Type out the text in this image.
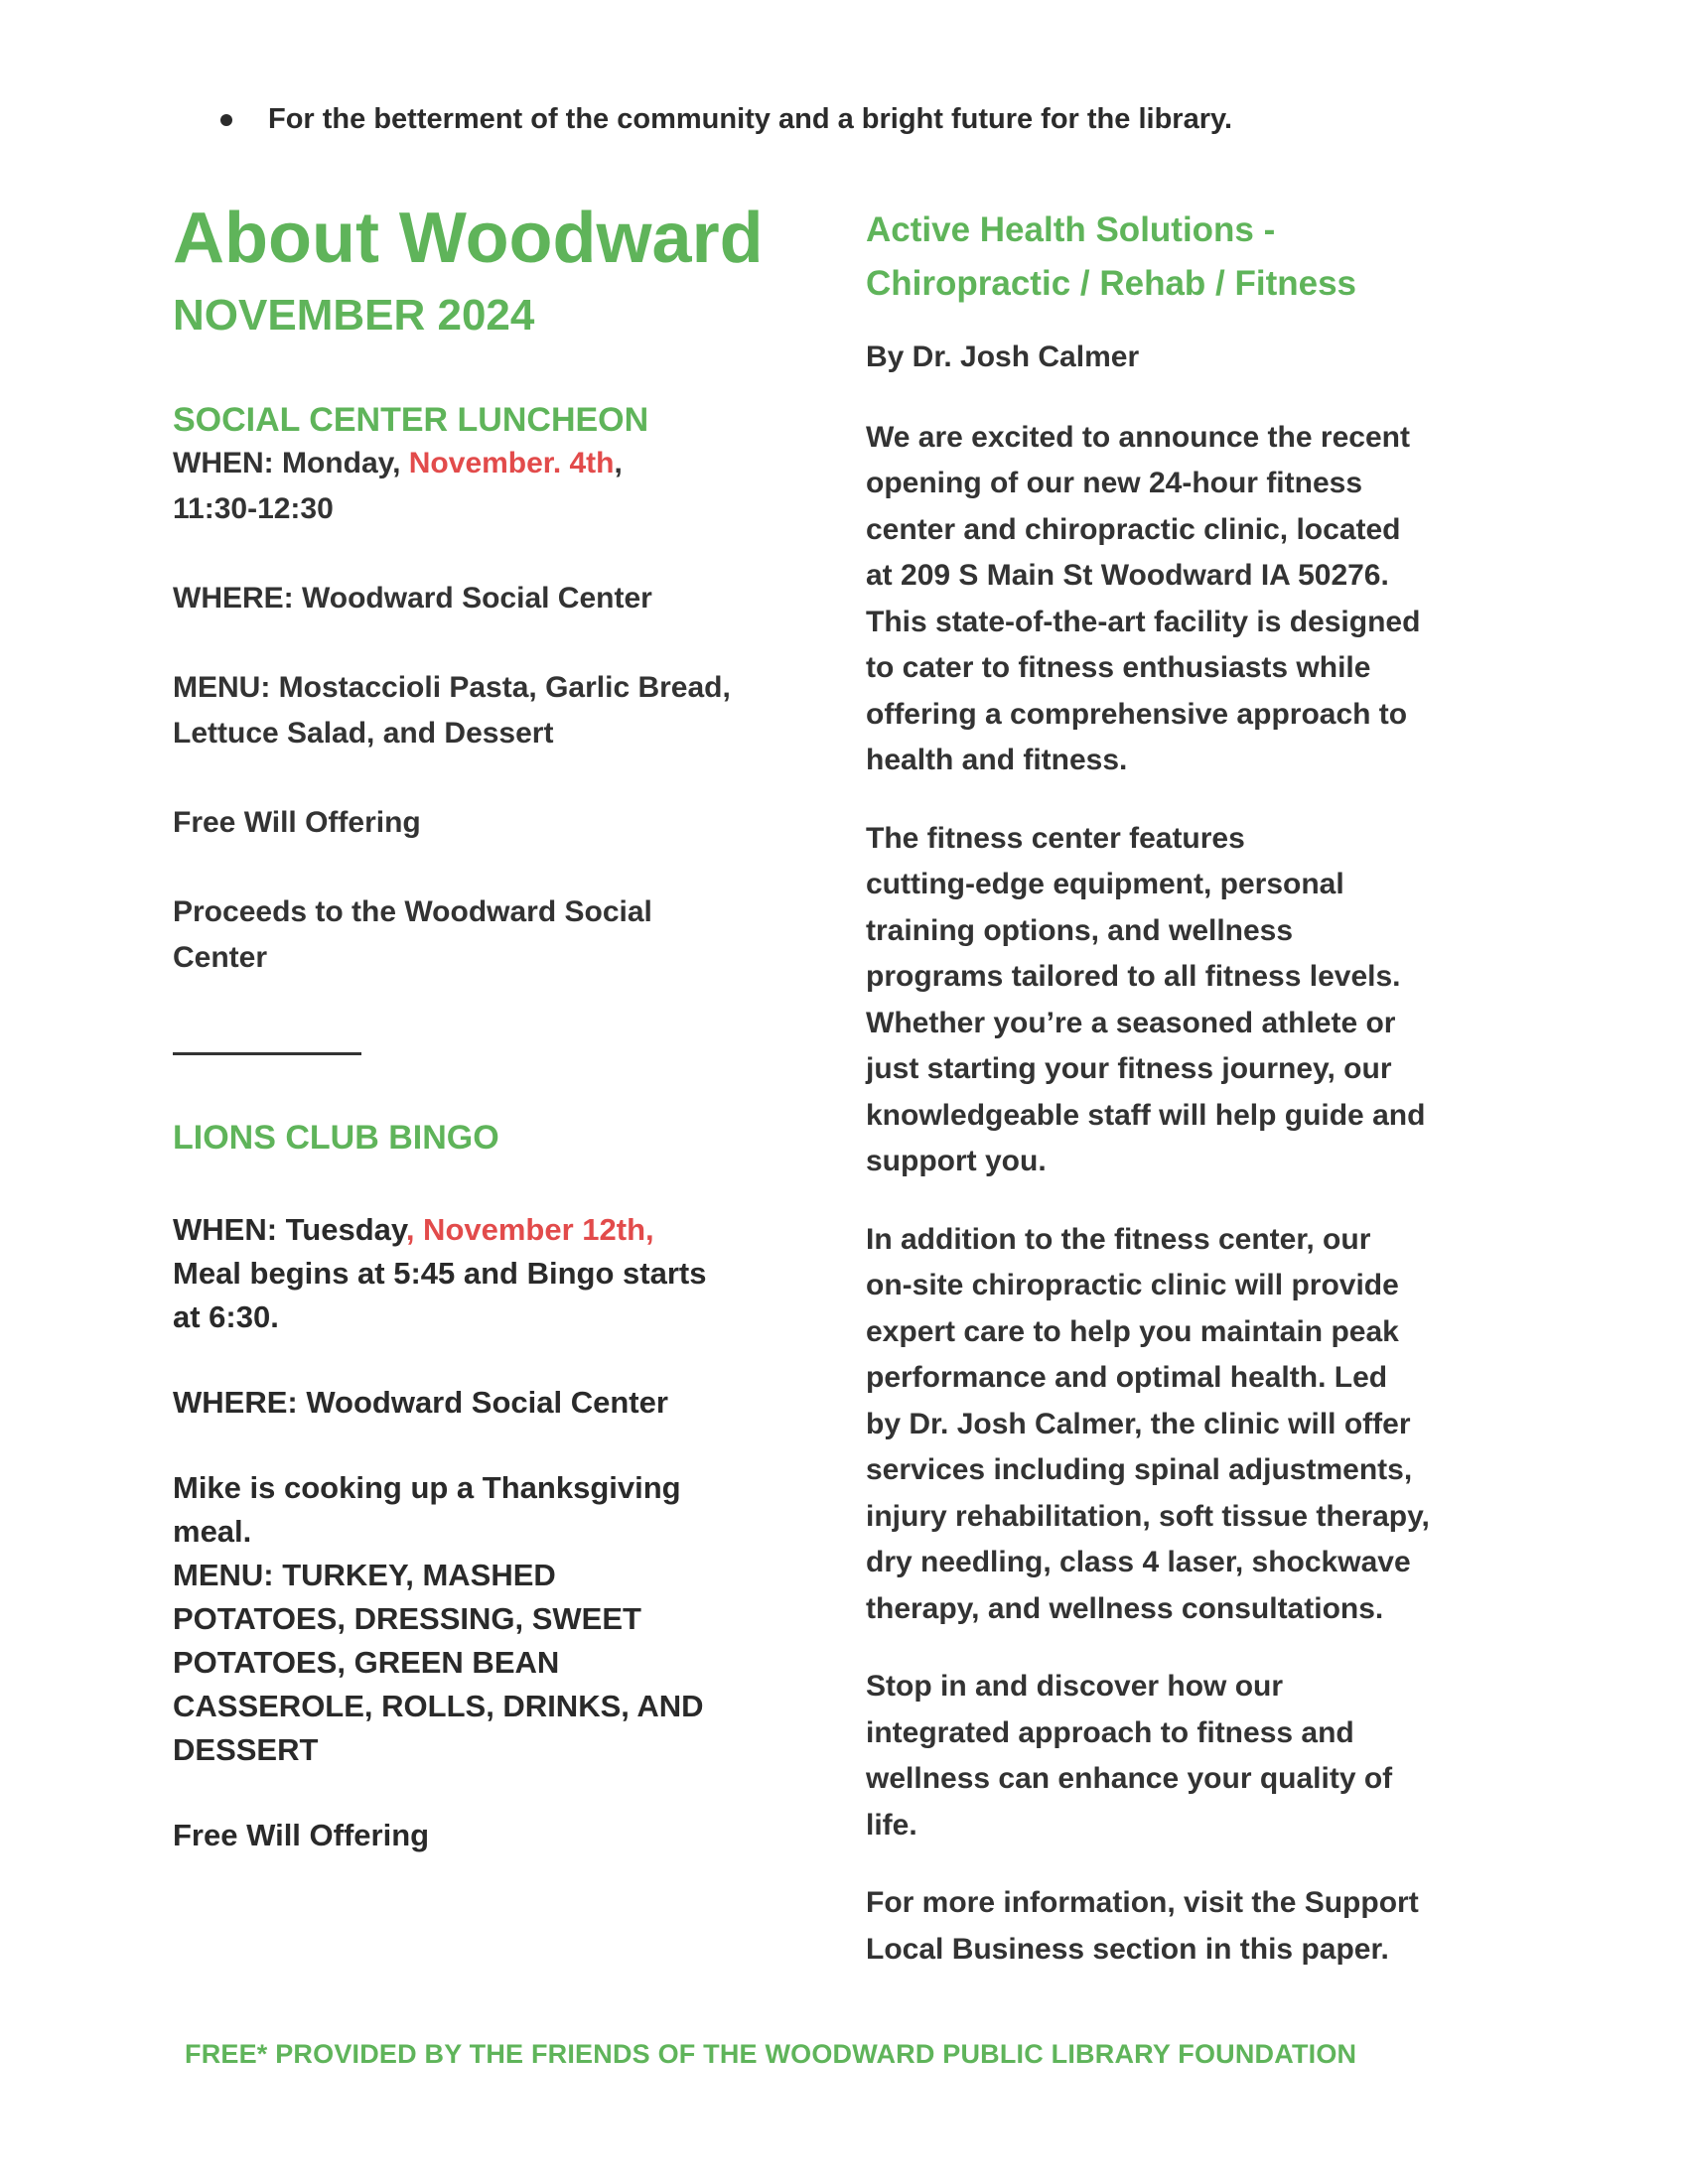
For the betterment of the community and a bright future for the library.
About Woodward
NOVEMBER 2024
SOCIAL CENTER LUNCHEON

WHEN: Monday, November. 4th,

11:30-12:30

WHERE: Woodward Social Center

MENU: Mostaccioli Pasta, Garlic Bread,

Lettuce Salad, and Dessert

Free Will Offering

Proceeds to the Woodward Social

Center

LIONS CLUB BINGO

WHEN: Tuesday, November 12th,

Meal begins at 5:45 and Bingo starts

at 6:30.

WHERE: Woodward Social Center

Mike is cooking up a Thanksgiving

meal.

MENU: TURKEY, MASHED

POTATOES, DRESSING, SWEET

POTATOES, GREEN BEAN

CASSEROLE, ROLLS, DRINKS, AND

DESSERT

Free Will Offering

Active Health Solutions -
Chiropractic / Rehab / Fitness

By Dr. Josh Calmer

We are excited to announce the recent

opening of our new 24-hour fitness

center and chiropractic clinic, located

at 209 S Main St Woodward IA 50276.

This state-of-the-art facility is designed

to cater to fitness enthusiasts while

offering a comprehensive approach to

health and fitness.

The fitness center features

cutting-edge equipment, personal

training options, and wellness

programs tailored to all fitness levels.

Whether you’re a seasoned athlete or

just starting your fitness journey, our

knowledgeable staff will help guide and

support you.

In addition to the fitness center, our

on-site chiropractic clinic will provide

expert care to help you maintain peak

performance and optimal health. Led

by Dr. Josh Calmer, the clinic will offer

services including spinal adjustments,

injury rehabilitation, soft tissue therapy,

dry needling, class 4 laser, shockwave

therapy, and wellness consultations.

Stop in and discover how our

integrated approach to fitness and

wellness can enhance your quality of

life.

For more information, visit the Support

Local Business section in this paper.

FREE* PROVIDED BY THE FRIENDS OF THE WOODWARD PUBLIC LIBRARY FOUNDATION
